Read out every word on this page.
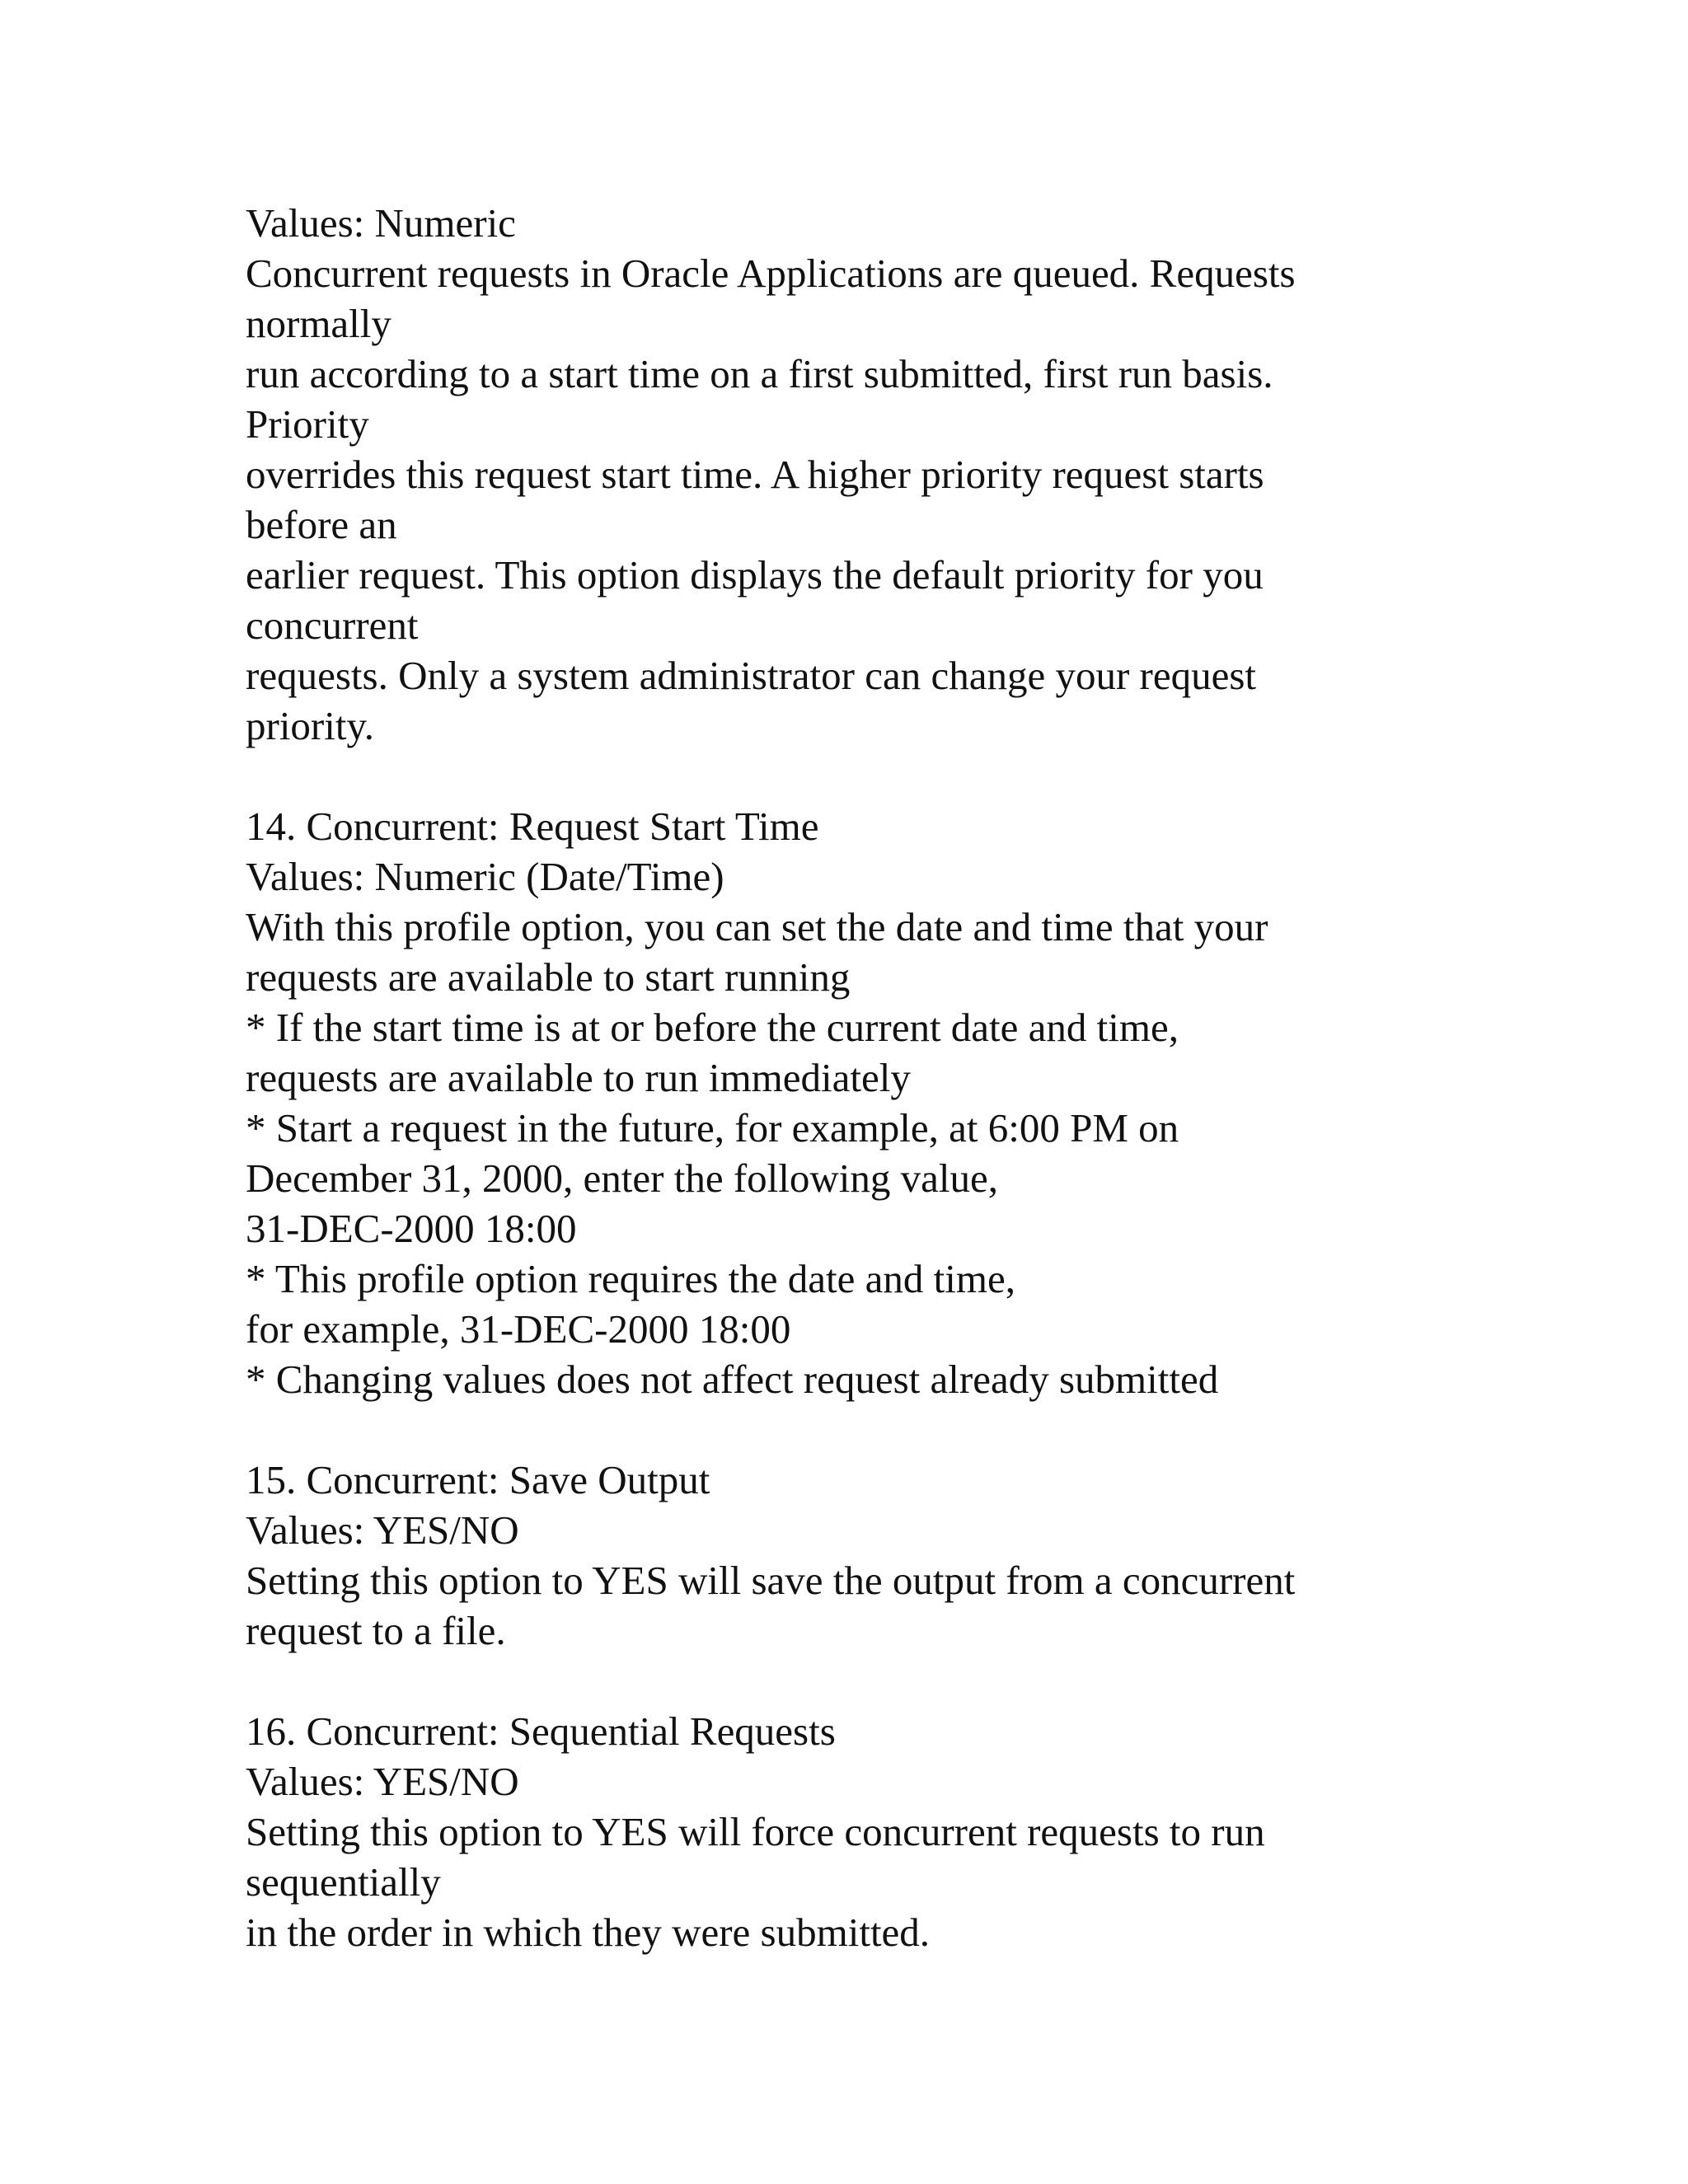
Values: Numeric
Concurrent requests in Oracle Applications are queued. Requests
normally
run according to a start time on a first submitted, first run basis.
Priority
overrides this request start time. A higher priority request starts
before an
earlier request. This option displays the default priority for you
concurrent
requests. Only a system administrator can change your request
priority.
14. Concurrent: Request Start Time
Values: Numeric (Date/Time)
With this profile option, you can set the date and time that your
requests are available to start running
* If the start time is at or before the current date and time,
requests are available to run immediately
* Start a request in the future, for example, at 6:00 PM on
December 31, 2000, enter the following value,
31-DEC-2000 18:00
* This profile option requires the date and time,
for example, 31-DEC-2000 18:00
* Changing values does not affect request already submitted
15. Concurrent: Save Output
Values: YES/NO
Setting this option to YES will save the output from a concurrent
request to a file.
16. Concurrent: Sequential Requests
Values: YES/NO
Setting this option to YES will force concurrent requests to run
sequentially
in the order in which they were submitted.
